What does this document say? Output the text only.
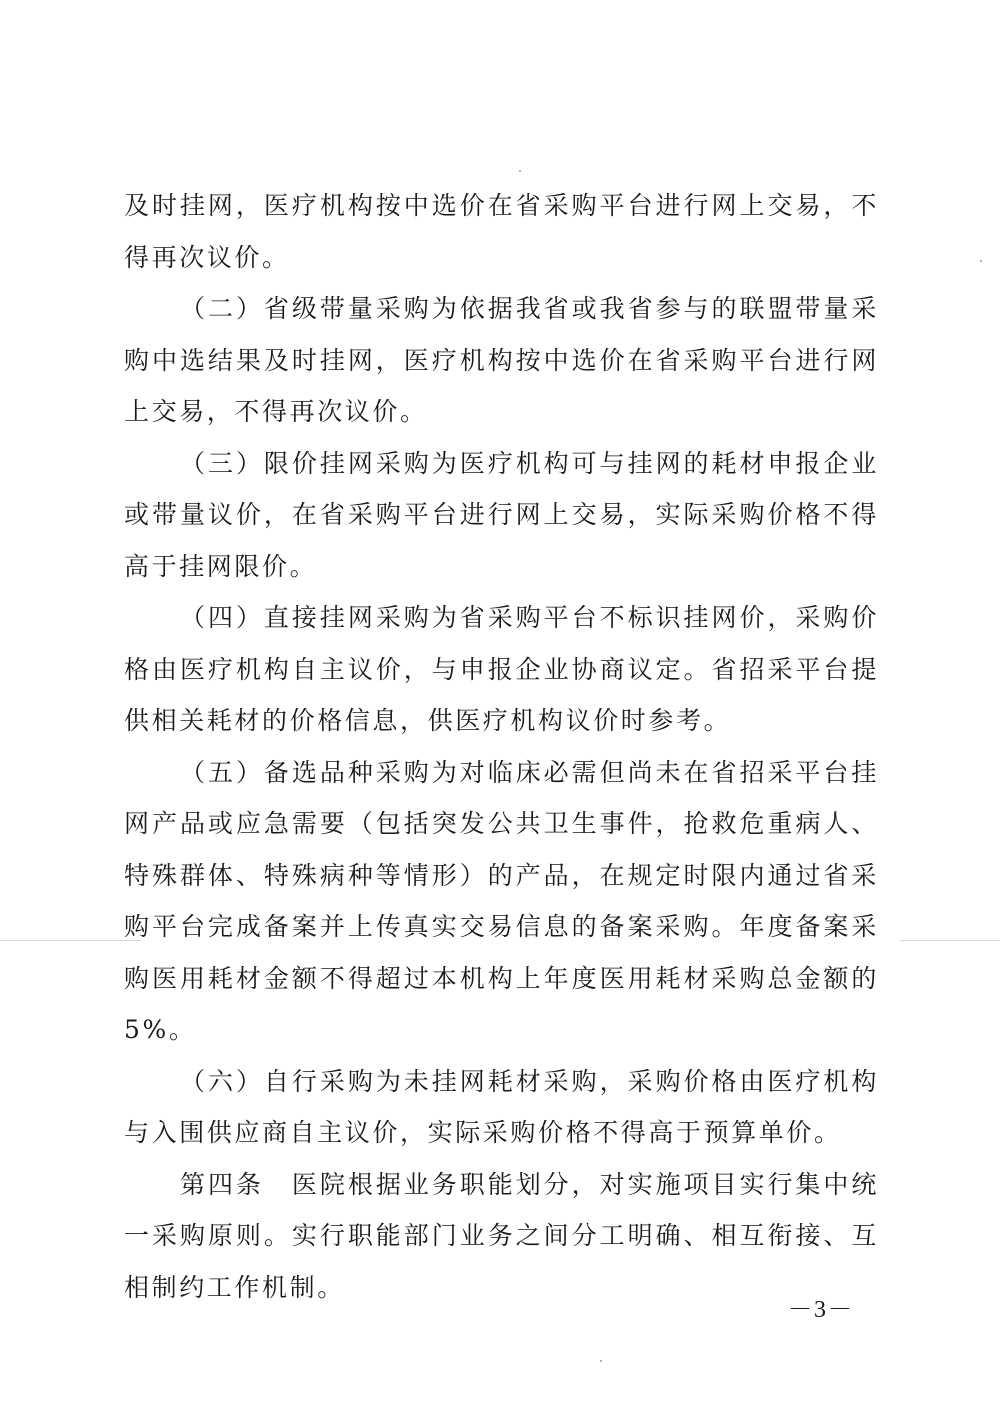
及时挂网，医疗机构按中选价在省采购平台进行网上交易，不得再次议价。

（二）省级带量采购为依据我省或我省参与的联盟带量采购中选结果及时挂网，医疗机构按中选价在省采购平台进行网上交易，不得再次议价。

（三）限价挂网采购为医疗机构可与挂网的耗材申报企业或带量议价，在省采购平台进行网上交易，实际采购价格不得高于挂网限价。

（四）直接挂网采购为省采购平台不标识挂网价，采购价格由医疗机构自主议价，与申报企业协商议定。省招采平台提供相关耗材的价格信息，供医疗机构议价时参考。

（五）备选品种采购为对临床必需但尚未在省招采平台挂网产品或应急需要（包括突发公共卫生事件，抢救危重病人、特殊群体、特殊病种等情形）的产品，在规定时限内通过省采购平台完成备案并上传真实交易信息的备案采购。年度备案采购医用耗材金额不得超过本机构上年度医用耗材采购总金额的 5%。

（六）自行采购为未挂网耗材采购，采购价格由医疗机构与入围供应商自主议价，实际采购价格不得高于预算单价。

第四条　医院根据业务职能划分，对实施项目实行集中统一采购原则。实行职能部门业务之间分工明确、相互衔接、互相制约工作机制。

－3－
